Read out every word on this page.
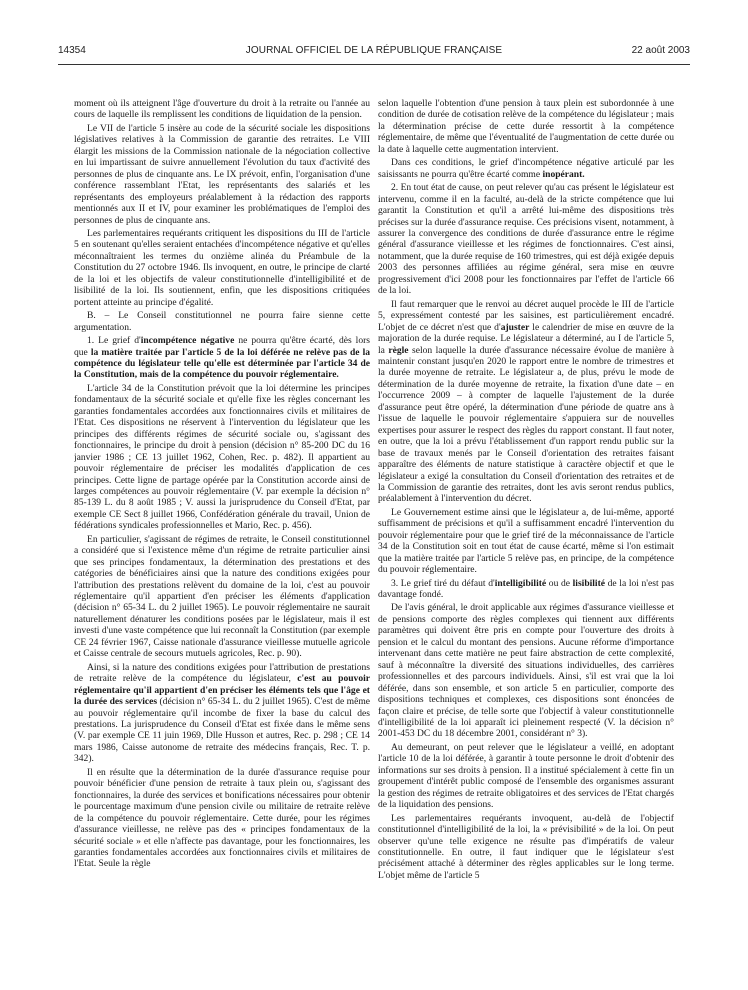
14354	JOURNAL OFFICIEL DE LA RÉPUBLIQUE FRANÇAISE	22 août 2003

moment où ils atteignent l'âge d'ouverture du droit à la retraite ou l'année au cours de laquelle ils remplissent les conditions de liquidation de la pension.

Le VII de l'article 5 insère au code de la sécurité sociale les dispositions législatives relatives à la Commission de garantie des retraites. Le VIII élargit les missions de la Commission nationale de la négociation collective en lui impartissant de suivre annuellement l'évolution du taux d'activité des personnes de plus de cinquante ans. Le IX prévoit, enfin, l'organisation d'une conférence rassemblant l'Etat, les représentants des salariés et les représentants des employeurs préalablement à la rédaction des rapports mentionnés aux II et IV, pour examiner les problématiques de l'emploi des personnes de plus de cinquante ans.

Les parlementaires requérants critiquent les dispositions du III de l'article 5 en soutenant qu'elles seraient entachées d'incompétence négative et qu'elles méconnaîtraient les termes du onzième alinéa du Préambule de la Constitution du 27 octobre 1946. Ils invoquent, en outre, le principe de clarté de la loi et les objectifs de valeur constitutionnelle d'intelligibilité et de lisibilité de la loi. Ils soutiennent, enfin, que les dispositions critiquées portent atteinte au principe d'égalité.

B. – Le Conseil constitutionnel ne pourra faire sienne cette argumentation.

1. Le grief d'incompétence négative ne pourra qu'être écarté, dès lors que la matière traitée par l'article 5 de la loi déférée ne relève pas de la compétence du législateur telle qu'elle est déterminée par l'article 34 de la Constitution, mais de la compétence du pouvoir réglementaire.

L'article 34 de la Constitution prévoit que la loi détermine les principes fondamentaux de la sécurité sociale et qu'elle fixe les règles concernant les garanties fondamentales accordées aux fonctionnaires civils et militaires de l'Etat. Ces dispositions ne réservent à l'intervention du législateur que les principes des différents régimes de sécurité sociale ou, s'agissant des fonctionnaires, le principe du droit à pension (décision n° 85-200 DC du 16 janvier 1986 ; CE 13 juillet 1962, Cohen, Rec. p. 482). Il appartient au pouvoir réglementaire de préciser les modalités d'application de ces principes. Cette ligne de partage opérée par la Constitution accorde ainsi de larges compétences au pouvoir réglementaire (V. par exemple la décision n° 85-139 L. du 8 août 1985 ; V. aussi la jurisprudence du Conseil d'Etat, par exemple CE Sect 8 juillet 1966, Confédération générale du travail, Union de fédérations syndicales professionnelles et Mario, Rec. p. 456).

En particulier, s'agissant de régimes de retraite, le Conseil constitutionnel a considéré que si l'existence même d'un régime de retraite particulier ainsi que ses principes fondamentaux, la détermination des prestations et des catégories de bénéficiaires ainsi que la nature des conditions exigées pour l'attribution des prestations relèvent du domaine de la loi, c'est au pouvoir réglementaire qu'il appartient d'en préciser les éléments d'application (décision n° 65-34 L. du 2 juillet 1965). Le pouvoir réglementaire ne saurait naturellement dénaturer les conditions posées par le législateur, mais il est investi d'une vaste compétence que lui reconnaît la Constitution (par exemple CE 24 février 1967, Caisse nationale d'assurance vieillesse mutuelle agricole et Caisse centrale de secours mutuels agricoles, Rec. p. 90).

Ainsi, si la nature des conditions exigées pour l'attribution de prestations de retraite relève de la compétence du législateur, c'est au pouvoir réglementaire qu'il appartient d'en préciser les éléments tels que l'âge et la durée des services (décision n° 65-34 L. du 2 juillet 1965). C'est de même au pouvoir réglementaire qu'il incombe de fixer la base du calcul des prestations. La jurisprudence du Conseil d'Etat est fixée dans le même sens (V. par exemple CE 11 juin 1969, Dlle Husson et autres, Rec. p. 298 ; CE 14 mars 1986, Caisse autonome de retraite des médecins français, Rec. T. p. 342).

Il en résulte que la détermination de la durée d'assurance requise pour pouvoir bénéficier d'une pension de retraite à taux plein ou, s'agissant des fonctionnaires, la durée des services et bonifications nécessaires pour obtenir le pourcentage maximum d'une pension civile ou militaire de retraite relève de la compétence du pouvoir réglementaire. Cette durée, pour les régimes d'assurance vieillesse, ne relève pas des « principes fondamentaux de la sécurité sociale » et elle n'affecte pas davantage, pour les fonctionnaires, les garanties fondamentales accordées aux fonctionnaires civils et militaires de l'Etat. Seule la règle

selon laquelle l'obtention d'une pension à taux plein est subordonnée à une condition de durée de cotisation relève de la compétence du législateur ; mais la détermination précise de cette durée ressortit à la compétence réglementaire, de même que l'éventualité de l'augmentation de cette durée ou la date à laquelle cette augmentation intervient.

Dans ces conditions, le grief d'incompétence négative articulé par les saisissants ne pourra qu'être écarté comme inopérant.

2. En tout état de cause, on peut relever qu'au cas présent le législateur est intervenu, comme il en la faculté, au-delà de la stricte compétence que lui garantit la Constitution et qu'il a arrêté lui-même des dispositions très précises sur la durée d'assurance requise. Ces précisions visent, notamment, à assurer la convergence des conditions de durée d'assurance entre le régime général d'assurance vieillesse et les régimes de fonctionnaires. C'est ainsi, notamment, que la durée requise de 160 trimestres, qui est déjà exigée depuis 2003 des personnes affiliées au régime général, sera mise en œuvre progressivement d'ici 2008 pour les fonctionnaires par l'effet de l'article 66 de la loi.

Il faut remarquer que le renvoi au décret auquel procède le III de l'article 5, expressément contesté par les saisines, est particulièrement encadré. L'objet de ce décret n'est que d'ajuster le calendrier de mise en œuvre de la majoration de la durée requise. Le législateur a déterminé, au I de l'article 5, la règle selon laquelle la durée d'assurance nécessaire évolue de manière à maintenir constant jusqu'en 2020 le rapport entre le nombre de trimestres et la durée moyenne de retraite. Le législateur a, de plus, prévu le mode de détermination de la durée moyenne de retraite, la fixation d'une date – en l'occurrence 2009 – à compter de laquelle l'ajustement de la durée d'assurance peut être opéré, la détermination d'une période de quatre ans à l'issue de laquelle le pouvoir réglementaire s'appuiera sur de nouvelles expertises pour assurer le respect des règles du rapport constant. Il faut noter, en outre, que la loi a prévu l'établissement d'un rapport rendu public sur la base de travaux menés par le Conseil d'orientation des retraites faisant apparaître des éléments de nature statistique à caractère objectif et que le législateur a exigé la consultation du Conseil d'orientation des retraites et de la Commission de garantie des retraites, dont les avis seront rendus publics, préalablement à l'intervention du décret.

Le Gouvernement estime ainsi que le législateur a, de lui-même, apporté suffisamment de précisions et qu'il a suffisamment encadré l'intervention du pouvoir réglementaire pour que le grief tiré de la méconnaissance de l'article 34 de la Constitution soit en tout état de cause écarté, même si l'on estimait que la matière traitée par l'article 5 relève pas, en principe, de la compétence du pouvoir réglementaire.

3. Le grief tiré du défaut d'intelligibilité ou de lisibilité de la loi n'est pas davantage fondé.

De l'avis général, le droit applicable aux régimes d'assurance vieillesse et de pensions comporte des règles complexes qui tiennent aux différents paramètres qui doivent être pris en compte pour l'ouverture des droits à pension et le calcul du montant des pensions. Aucune réforme d'importance intervenant dans cette matière ne peut faire abstraction de cette complexité, sauf à méconnaître la diversité des situations individuelles, des carrières professionnelles et des parcours individuels. Ainsi, s'il est vrai que la loi déférée, dans son ensemble, et son article 5 en particulier, comporte des dispositions techniques et complexes, ces dispositions sont énoncées de façon claire et précise, de telle sorte que l'objectif à valeur constitutionnelle d'intelligibilité de la loi apparaît ici pleinement respecté (V. la décision n° 2001-453 DC du 18 décembre 2001, considérant n° 3).

Au demeurant, on peut relever que le législateur a veillé, en adoptant l'article 10 de la loi déférée, à garantir à toute personne le droit d'obtenir des informations sur ses droits à pension. Il a institué spécialement à cette fin un groupement d'intérêt public composé de l'ensemble des organismes assurant la gestion des régimes de retraite obligatoires et des services de l'Etat chargés de la liquidation des pensions.

Les parlementaires requérants invoquent, au-delà de l'objectif constitutionnel d'intelligibilité de la loi, la « prévisibilité » de la loi. On peut observer qu'une telle exigence ne résulte pas d'impératifs de valeur constitutionnelle. En outre, il faut indiquer que le législateur s'est précisément attaché à déterminer des règles applicables sur le long terme. L'objet même de l'article 5
